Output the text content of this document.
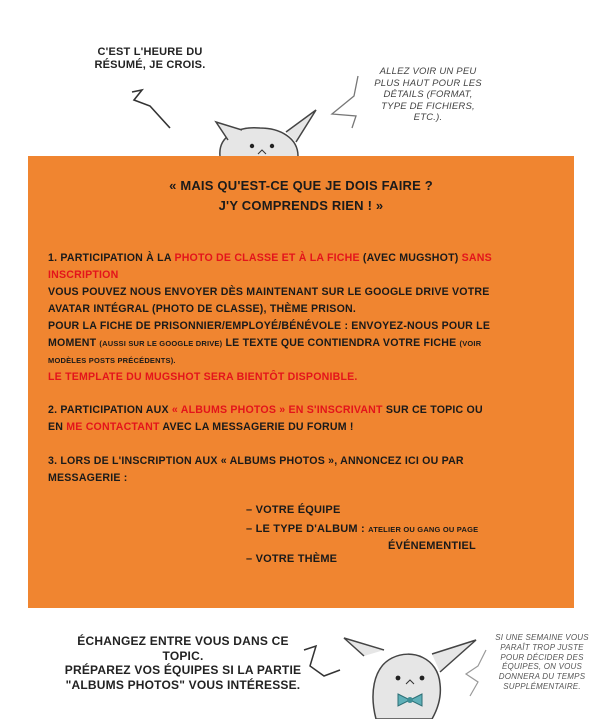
C'EST L'HEURE DU
RÉSUMÉ, JE CROIS.
ALLEZ VOIR UN PEU
PLUS HAUT POUR LES
DÉTAILS (FORMAT,
TYPE DE FICHIERS,
ETC.).
« MAIS QU'EST-CE QUE JE DOIS FAIRE ?
J'Y COMPRENDS RIEN ! »
1. PARTICIPATION À LA PHOTO DE CLASSE ET À LA FICHE (AVEC MUGSHOT) SANS
INSCRIPTION
VOUS POUVEZ NOUS ENVOYER DÈS MAINTENANT SUR LE GOOGLE DRIVE VOTRE
AVATAR INTÉGRAL (PHOTO DE CLASSE), THÈME PRISON.
POUR LA FICHE DE PRISONNIER/EMPLOYÉ/BÉNÉVOLE : ENVOYEZ-NOUS POUR LE
MOMENT (AUSSI SUR LE GOOGLE DRIVE) LE TEXTE QUE CONTIENDRA VOTRE FICHE (VOIR
MODÈLES POSTS PRÉCÉDENTS).
LE TEMPLATE DU MUGSHOT SERA BIENTÔT DISPONIBLE.
2. PARTICIPATION AUX « ALBUMS PHOTOS » EN S'INSCRIVANT SUR CE TOPIC OU
EN ME CONTACTANT AVEC LA MESSAGERIE DU FORUM !
3. LORS DE L'INSCRIPTION AUX « ALBUMS PHOTOS », ANNONCEZ ICI OU PAR
MESSAGERIE :
– VOTRE ÉQUIPE
– LE TYPE D'ALBUM : ATELIER OU GANG OU PAGE
ÉVÉNEMENTIEL
– VOTRE THÈME
ÉCHANGEZ ENTRE VOUS DANS CE TOPIC.
PRÉPAREZ VOS ÉQUIPES SI LA PARTIE
"ALBUMS PHOTOS" VOUS INTÉRESSE.
SI UNE SEMAINE VOUS
PARAÎT TROP JUSTE
POUR DÉCIDER DES
ÉQUIPES, ON VOUS
DONNERA DU TEMPS
SUPPLÉMENTAIRE.
